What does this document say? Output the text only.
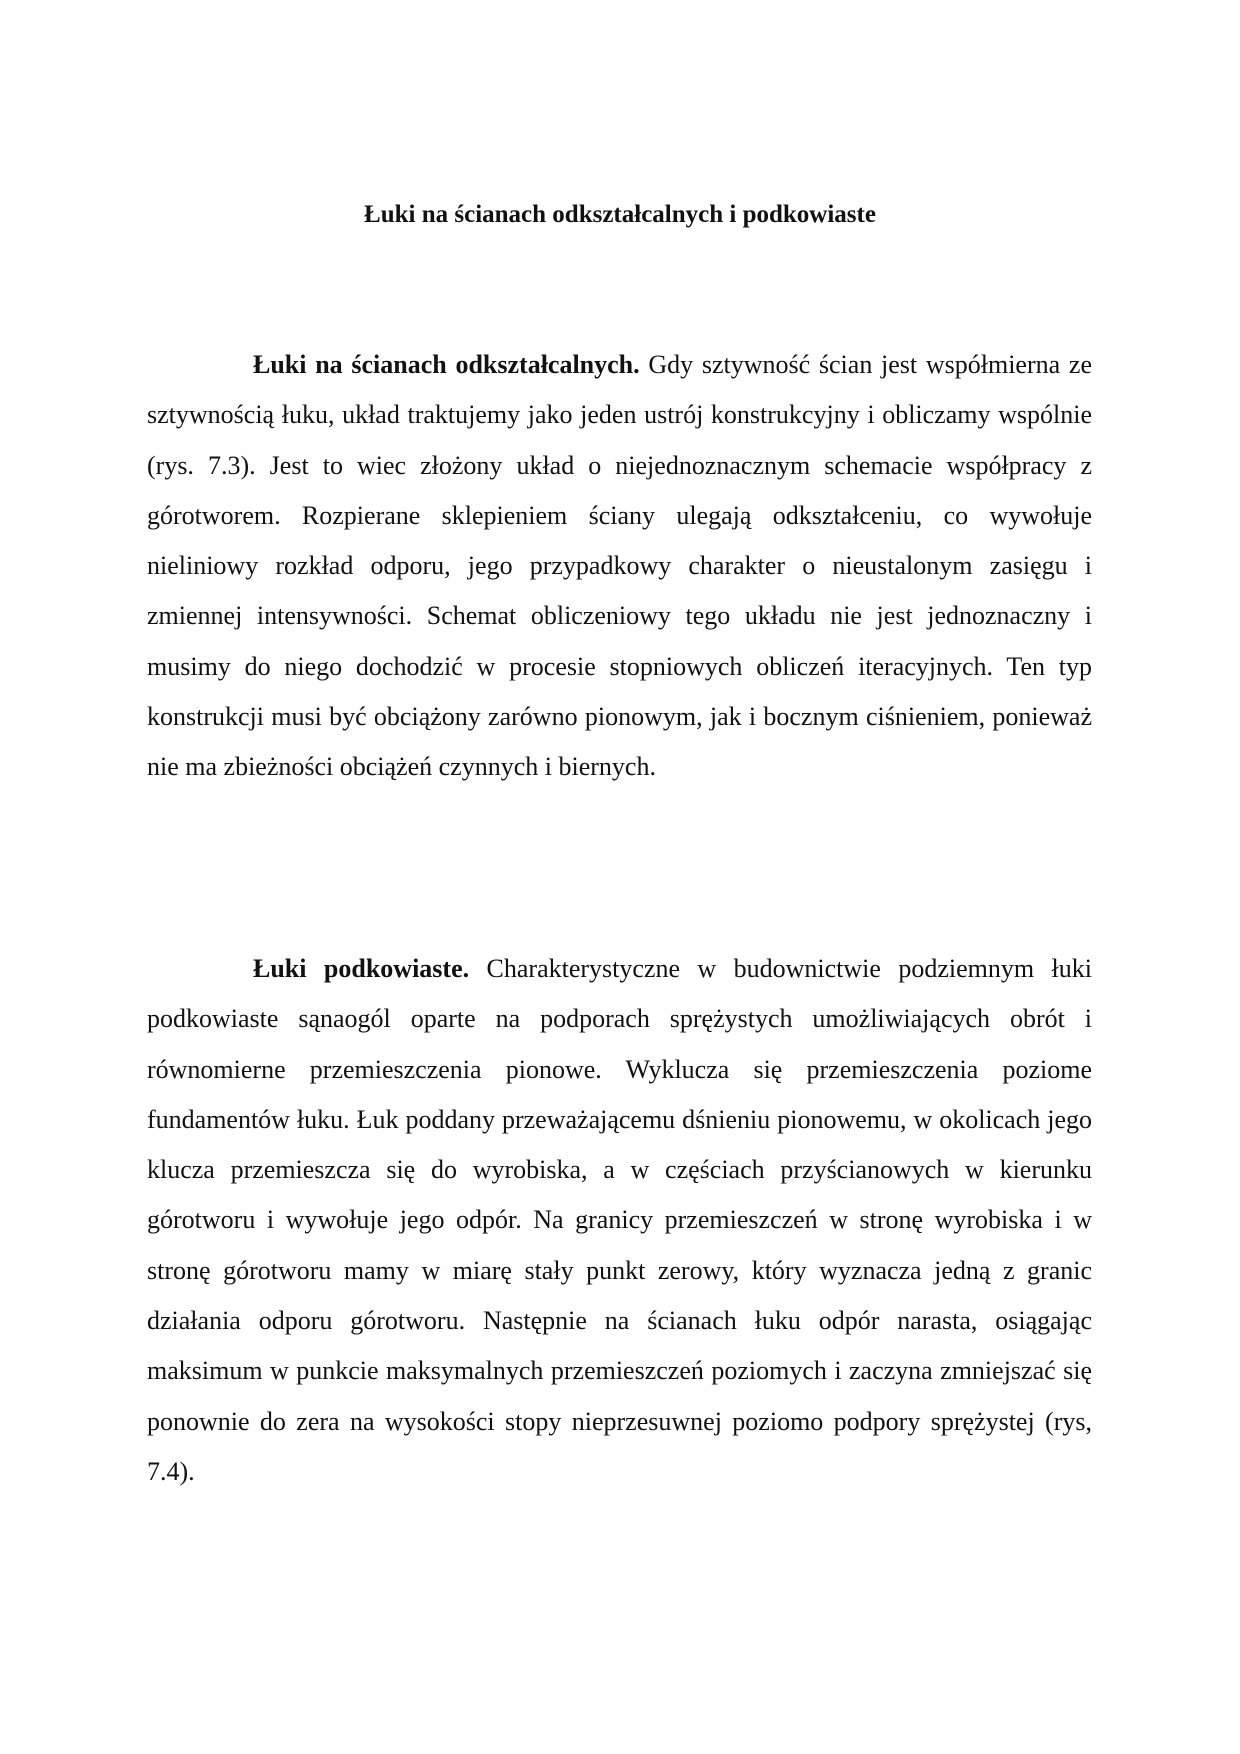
Łuki na ścianach odkształcalnych i podkowiaste

Łuki na ścianach odkształcalnych. Gdy sztywność ścian jest współmierna ze sztywnością łuku, układ traktujemy jako jeden ustrój konstrukcyjny i obliczamy wspólnie (rys. 7.3). Jest to wiec złożony układ o niejednoznacznym schemacie współpracy z górotworem. Rozpierane sklepieniem ściany ulegają odkształceniu, co wywołuje nieliniowy rozkład odporu, jego przypadkowy charakter o nieustalonym zasięgu i zmiennej intensywności. Schemat obliczeniowy tego układu nie jest jednoznaczny i musimy do niego dochodzić w procesie stopniowych obliczeń iteracyjnych. Ten typ konstrukcji musi być obciążony zarówno pionowym, jak i bocznym ciśnieniem, ponieważ nie ma zbieżności obciążeń czynnych i biernych.

Łuki podkowiaste. Charakterystyczne w budownictwie podziemnym łuki podkowiaste sąnaogól oparte na podporach sprężystych umożliwiających obrót i równomierne przemieszczenia pionowe. Wyklucza się przemieszczenia poziome fundamentów łuku. Łuk poddany przeważającemu dśnieniu pionowemu, w okolicach jego klucza przemieszcza się do wyrobiska, a w częściach przyścianowych w kierunku górotworu i wywołuje jego odpór. Na granicy przemieszczeń w stronę wyrobiska i w stronę górotworu mamy w miarę stały punkt zerowy, który wyznacza jedną z granic działania odporu górotworu. Następnie na ścianach łuku odpór narasta, osiągając maksimum w punkcie maksymalnych przemieszczeń poziomych i zaczyna zmniejszać się ponownie do zera na wysokości stopy nieprzesuwnej poziomo podpory sprężystej (rys, 7.4).
